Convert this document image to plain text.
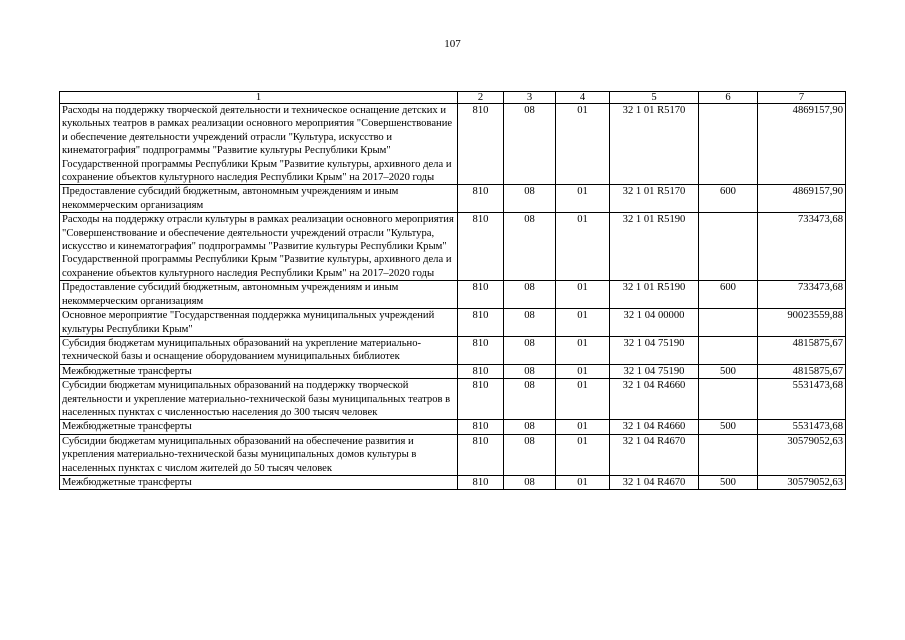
107
1	2	3	4	5	6	7
Расходы на поддержку творческой деятельности и техническое оснащение детских и кукольных театров в рамках реализации основного мероприятия "Совершенствование и обеспечение деятельности учреждений отрасли "Культура, искусство и кинематография" подпрограммы "Развитие культуры Республики Крым" Государственной программы Республики Крым "Развитие культуры, архивного дела и сохранение объектов культурного наследия Республики Крым" на 2017–2020 годы	810	08	01	32 1 01 R5170		4869157,90
Предоставление субсидий бюджетным, автономным учреждениям и иным некоммерческим организациям	810	08	01	32 1 01 R5170	600	4869157,90
Расходы на поддержку отрасли культуры в рамках реализации основного мероприятия "Совершенствование и обеспечение деятельности учреждений отрасли "Культура, искусство и кинематография" подпрограммы "Развитие культуры Республики Крым" Государственной программы Республики Крым "Развитие культуры, архивного дела и сохранение объектов культурного наследия Республики Крым" на 2017–2020 годы	810	08	01	32 1 01 R5190		733473,68
Предоставление субсидий бюджетным, автономным учреждениям и иным некоммерческим организациям	810	08	01	32 1 01 R5190	600	733473,68
Основное мероприятие "Государственная поддержка муниципальных учреждений культуры Республики Крым"	810	08	01	32 1 04 00000		90023559,88
Субсидия бюджетам муниципальных образований на укрепление материально-технической базы и оснащение оборудованием муниципальных библиотек	810	08	01	32 1 04 75190		4815875,67
Межбюджетные трансферты	810	08	01	32 1 04 75190	500	4815875,67
Субсидии бюджетам муниципальных образований на поддержку творческой деятельности и укрепление материально-технической базы муниципальных театров в населенных пунктах с численностью населения до 300 тысяч человек	810	08	01	32 1 04 R4660		5531473,68
Межбюджетные трансферты	810	08	01	32 1 04 R4660	500	5531473,68
Субсидии бюджетам муниципальных образований на обеспечение развития и укрепления материально-технической базы муниципальных домов культуры в населенных пунктах с числом жителей до 50 тысяч человек	810	08	01	32 1 04 R4670		30579052,63
Межбюджетные трансферты	810	08	01	32 1 04 R4670	500	30579052,63
